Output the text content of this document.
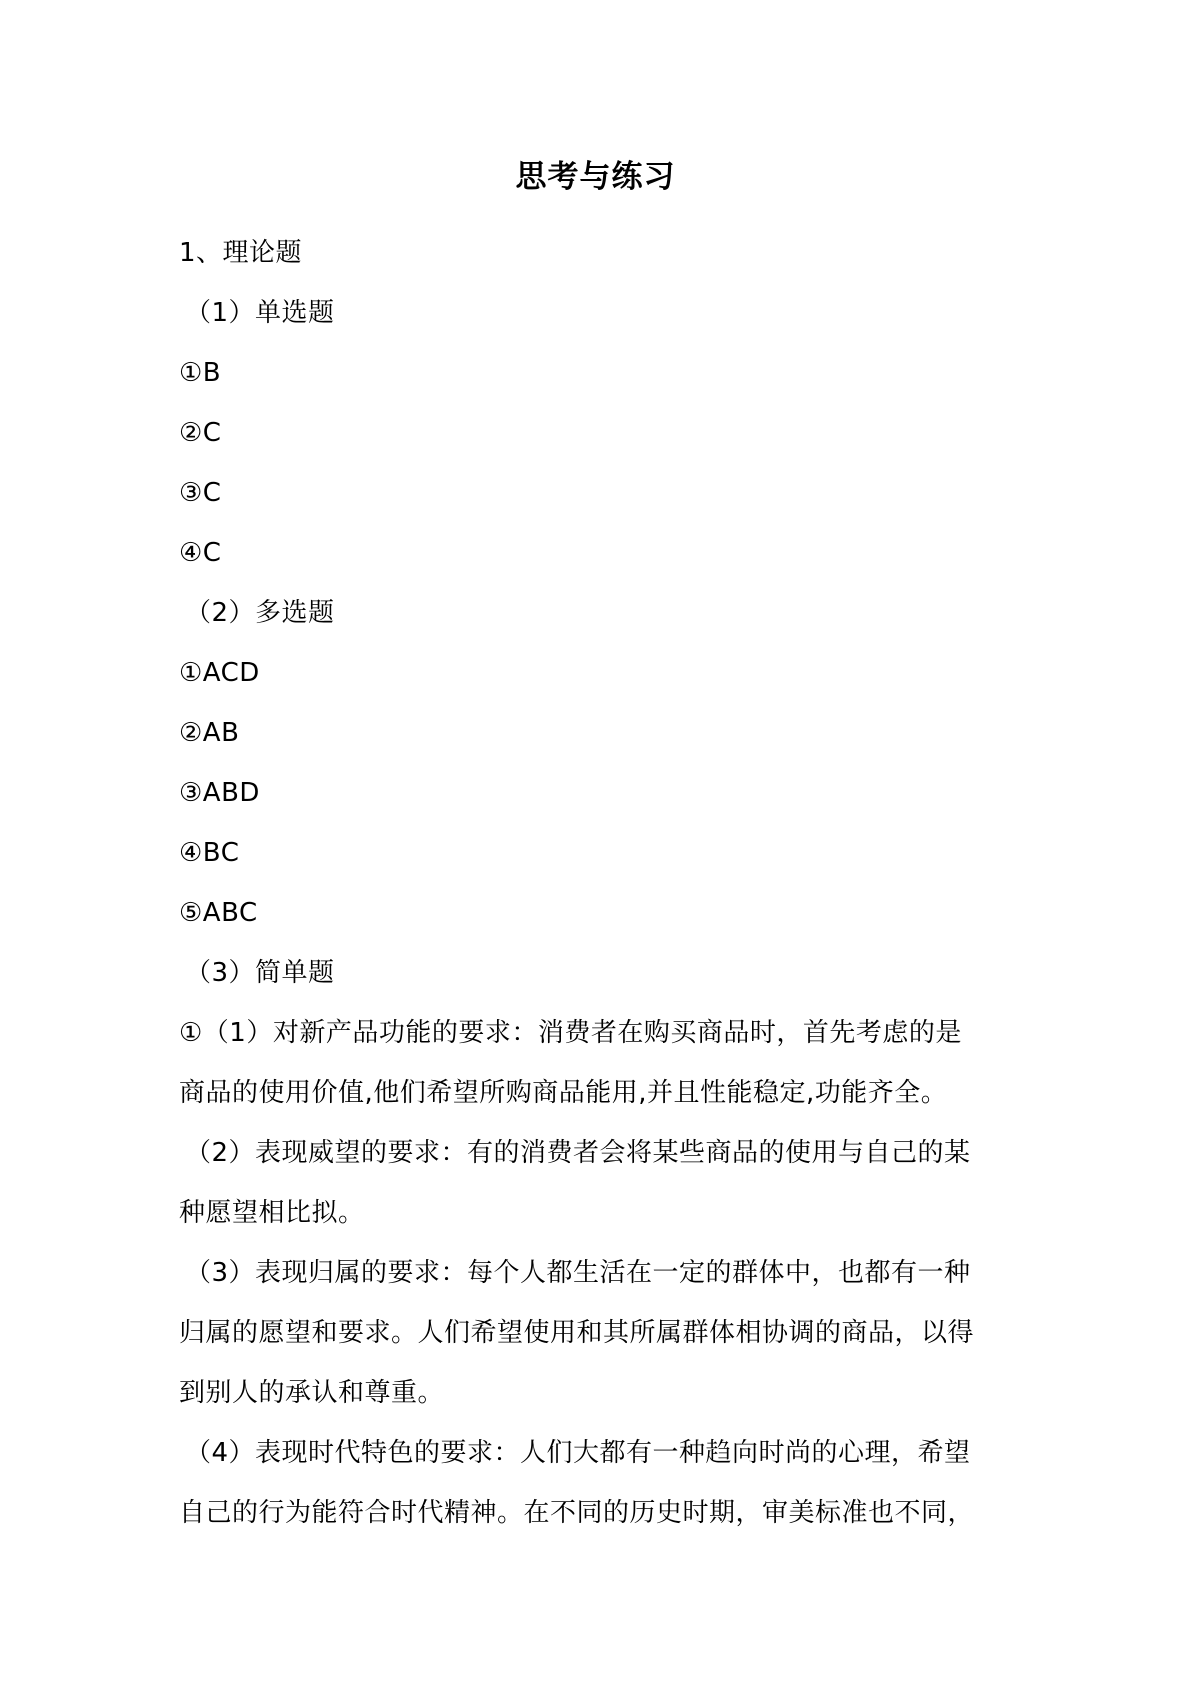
思考与练习
1、理论题
（1）单选题
①B
②C
③C
④C
（2）多选题
①ACD
②AB
③ABD
④BC
⑤ABC
（3）简单题
①（1）对新产品功能的要求：消费者在购买商品时，首先考虑的是
商品的使用价值,他们希望所购商品能用,并且性能稳定,功能齐全。
（2）表现威望的要求：有的消费者会将某些商品的使用与自己的某
种愿望相比拟。
（3）表现归属的要求：每个人都生活在一定的群体中，也都有一种
归属的愿望和要求。人们希望使用和其所属群体相协调的商品，以得
到别人的承认和尊重。
（4）表现时代特色的要求：人们大都有一种趋向时尚的心理，希望
自己的行为能符合时代精神。在不同的历史时期，审美标准也不同，
